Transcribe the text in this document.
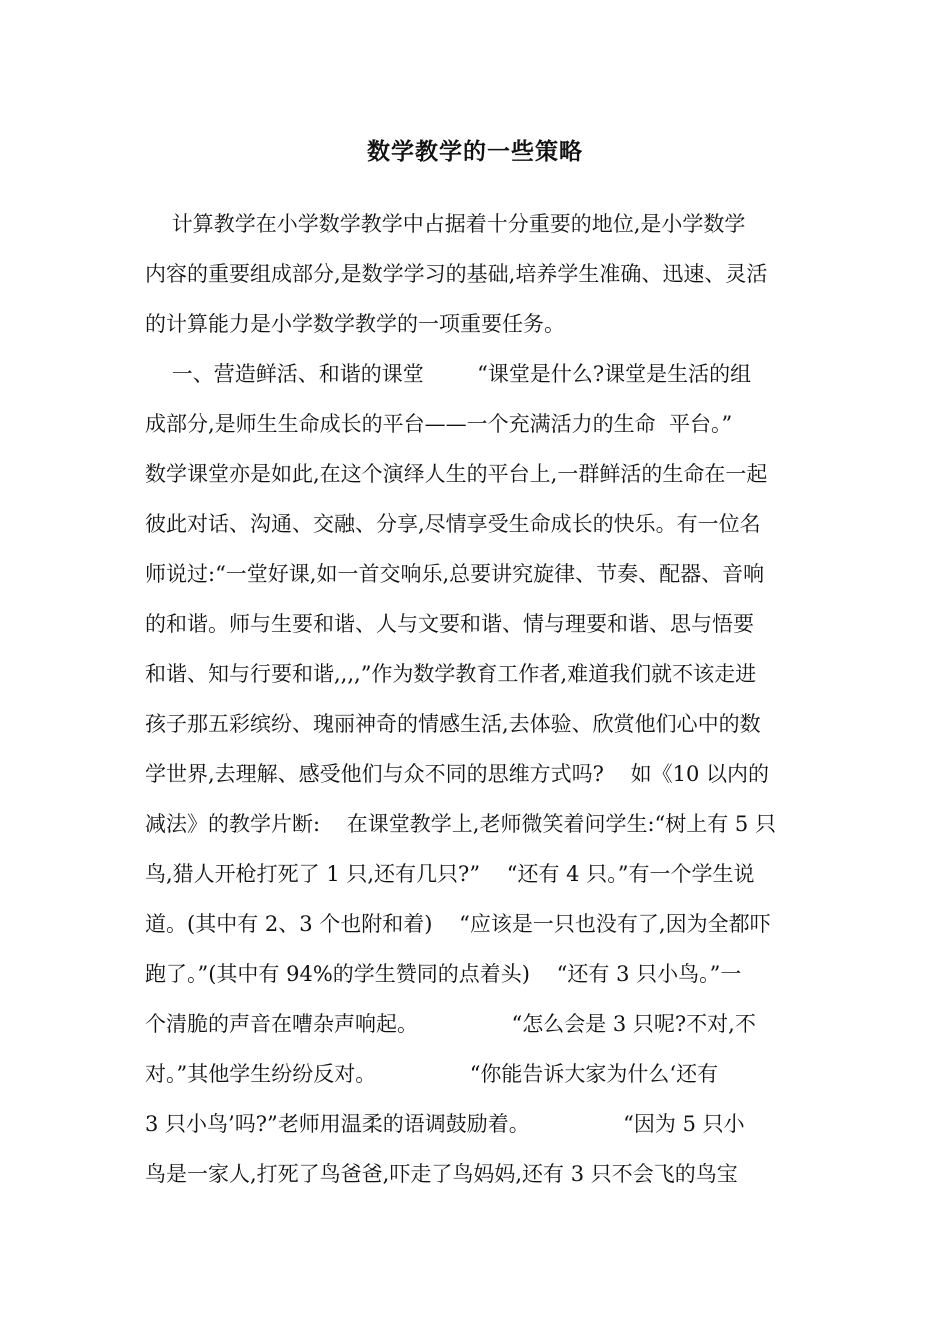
数学教学的一些策略
计算教学在小学数学教学中占据着十分重要的地位,是小学数学
内容的重要组成部分,是数学学习的基础,培养学生准确、迅速、灵活
的计算能力是小学数学教学的一项重要任务。
一、营造鲜活、和谐的课堂        “课堂是什么?课堂是生活的组
成部分,是师生生命成长的平台——一个充满活力的生命  平台。”
数学课堂亦是如此,在这个演绎人生的平台上,一群鲜活的生命在一起
彼此对话、沟通、交融、分享,尽情享受生命成长的快乐。有一位名
师说过:“一堂好课,如一首交响乐,总要讲究旋律、节奏、配器、音响
的和谐。师与生要和谐、人与文要和谐、情与理要和谐、思与悟要
和谐、知与行要和谐,,,,”作为数学教育工作者,难道我们就不该走进
孩子那五彩缤纷、瑰丽神奇的情感生活,去体验、欣赏他们心中的数
学世界,去理解、感受他们与众不同的思维方式吗?    如《10 以内的
减法》的教学片断:    在课堂教学上,老师微笑着问学生:“树上有 5 只
鸟,猎人开枪打死了 1 只,还有几只?”    “还有 4 只。”有一个学生说
道。(其中有 2、3 个也附和着)    “应该是一只也没有了,因为全都吓
跑了。”(其中有 94%的学生赞同的点着头)    “还有 3 只小鸟。”一
个清脆的声音在嘈杂声响起。              “怎么会是 3 只呢?不对,不
对。”其他学生纷纷反对。              “你能告诉大家为什么‘还有
3 只小鸟’吗?”老师用温柔的语调鼓励着。              “因为 5 只小
鸟是一家人,打死了鸟爸爸,吓走了鸟妈妈,还有 3 只不会飞的鸟宝
